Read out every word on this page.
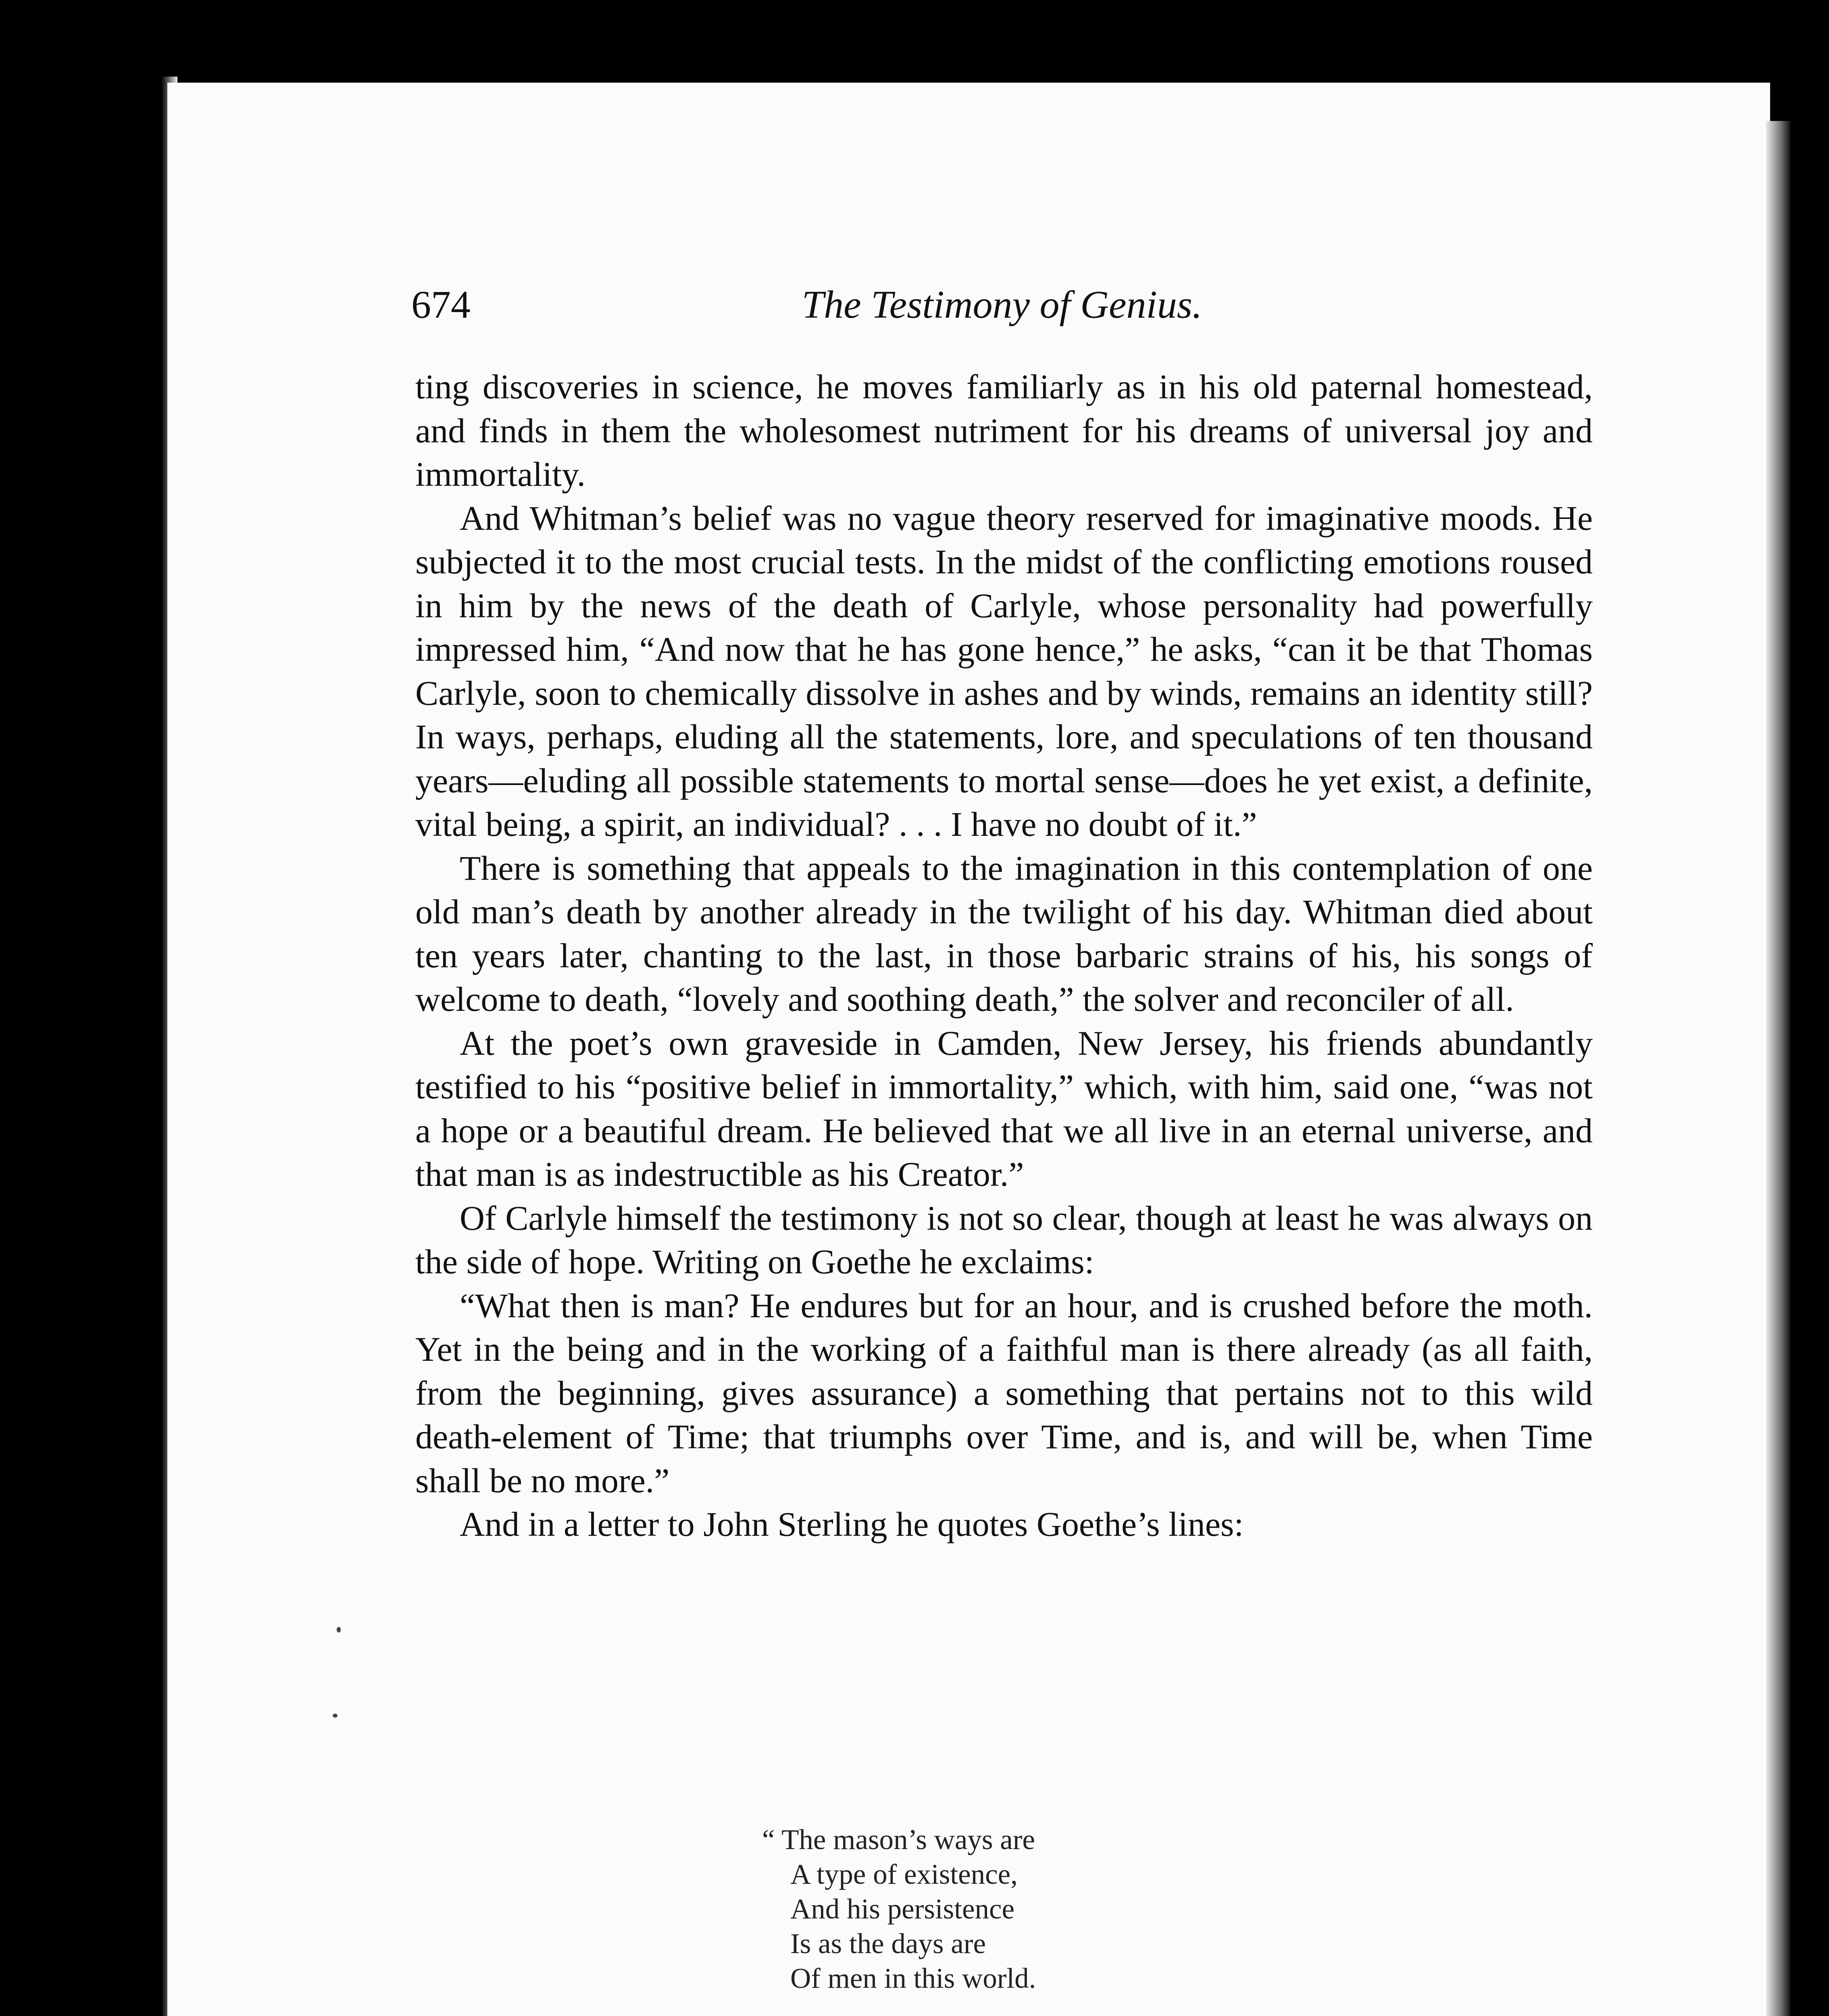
674	The Testimony of Genius.

ting discoveries in science, he moves familiarly as in his old paternal homestead, and finds in them the wholesomest nutriment for his dreams of universal joy and immortality.

And Whitman’s belief was no vague theory reserved for imaginative moods. He subjected it to the most crucial tests. In the midst of the conflicting emotions roused in him by the news of the death of Carlyle, whose personality had powerfully impressed him, “And now that he has gone hence,” he asks, “can it be that Thomas Carlyle, soon to chemically dissolve in ashes and by winds, remains an identity still? In ways, perhaps, eluding all the statements, lore, and speculations of ten thousand years—eluding all possible statements to mortal sense—does he yet exist, a definite, vital being, a spirit, an individual? . . . I have no doubt of it.”

There is something that appeals to the imagination in this contemplation of one old man’s death by another already in the twilight of his day. Whitman died about ten years later, chanting to the last, in those barbaric strains of his, his songs of welcome to death, “lovely and soothing death,” the solver and reconciler of all.

At the poet’s own graveside in Camden, New Jersey, his friends abundantly testified to his “positive belief in immortality,” which, with him, said one, “was not a hope or a beautiful dream. He believed that we all live in an eternal universe, and that man is as indestructible as his Creator.”

Of Carlyle himself the testimony is not so clear, though at least he was always on the side of hope. Writing on Goethe he exclaims:

“What then is man? He endures but for an hour, and is crushed before the moth. Yet in the being and in the working of a faithful man is there already (as all faith, from the beginning, gives assurance) a something that pertains not to this wild death-element of Time; that triumphs over Time, and is, and will be, when Time shall be no more.”

And in a letter to John Sterling he quotes Goethe’s lines:

“ The mason’s ways are
A type of existence,
And his persistence
Is as the days are
Of men in this world.
